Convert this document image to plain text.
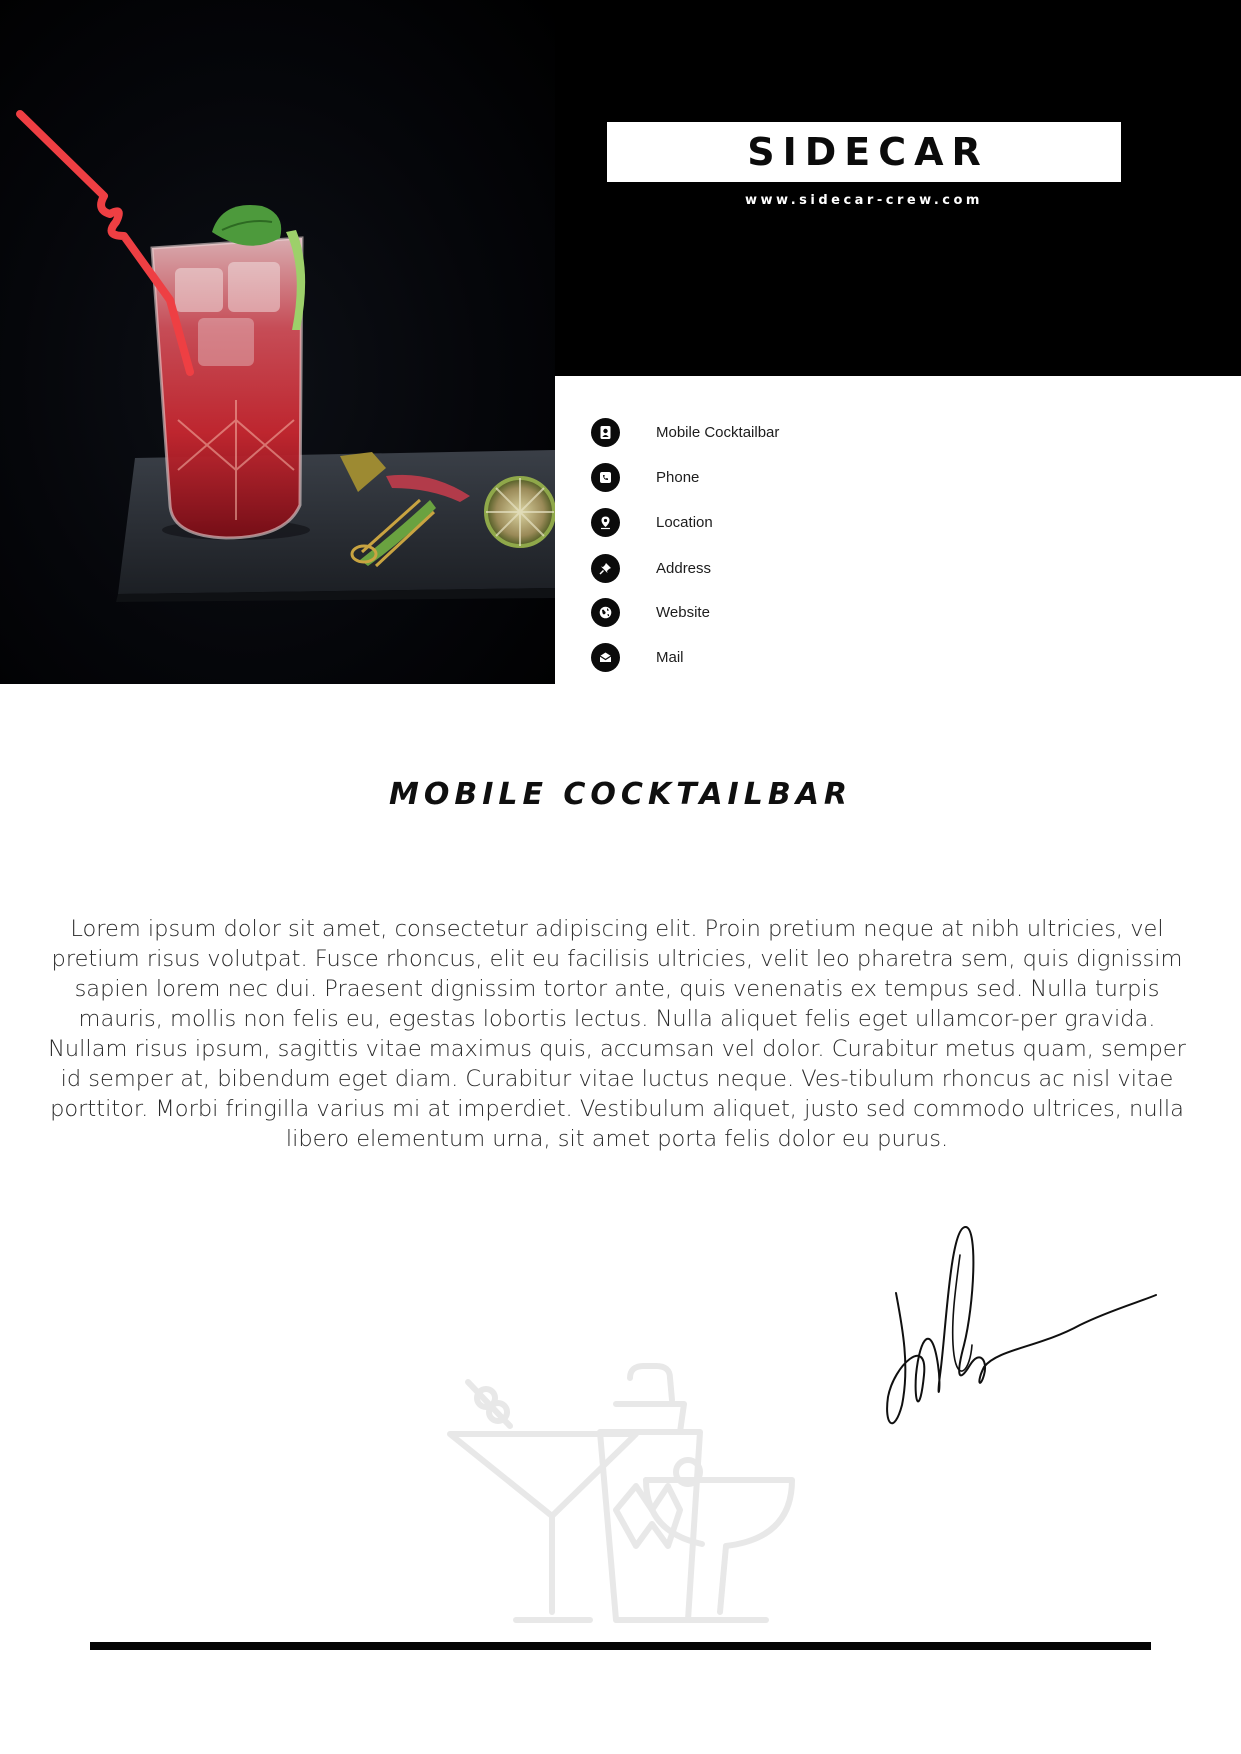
SIDECAR
www.sidecar-crew.com
Mobile Cocktailbar
Phone
Location
Address
Website
Mail
MOBILE COCKTAILBAR
Lorem ipsum dolor sit amet, consectetur adipiscing elit. Proin pretium neque at nibh ultricies, vel pretium risus volutpat. Fusce rhoncus, elit eu facilisis ultricies, velit leo pharetra sem, quis dignissim sapien lorem nec dui. Praesent dignissim tortor ante, quis venenatis ex tempus sed. Nulla turpis mauris, mollis non felis eu, egestas lobortis lectus. Nulla aliquet felis eget ullamcor-per gravida. Nullam risus ipsum, sagittis vitae maximus quis, accumsan vel dolor. Curabitur metus quam, semper id semper at, bibendum eget diam. Curabitur vitae luctus neque. Ves-tibulum rhoncus ac nisl vitae porttitor. Morbi fringilla varius mi at imperdiet. Vestibulum aliquet, justo sed commodo ultrices, nulla libero elementum urna, sit amet porta felis dolor eu purus.
